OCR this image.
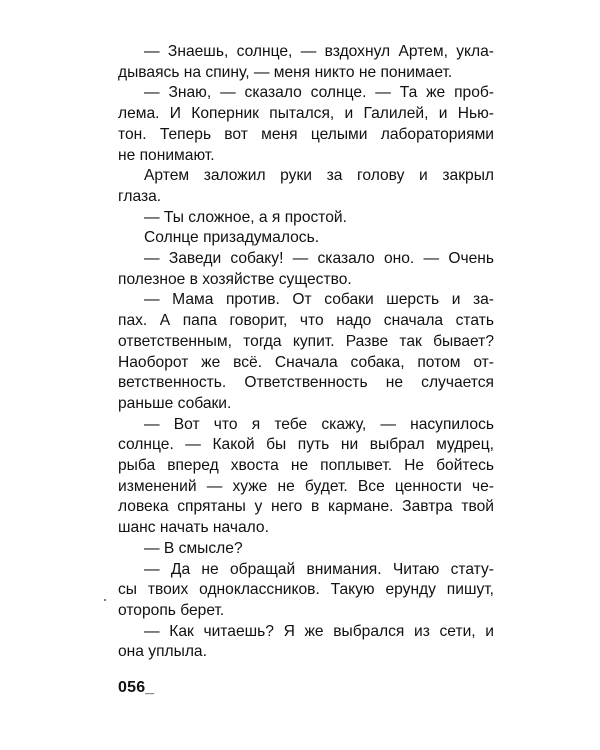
— Знаешь, солнце, — вздохнул Артем, укла-
дываясь на спину, — меня никто не понимает.
— Знаю, — сказало солнце. — Та же проб-
лема. И Коперник пытался, и Галилей, и Нью-
тон. Теперь вот меня целыми лабораториями
не понимают.
Артем заложил руки за голову и закрыл
глаза.
— Ты сложное, а я простой.
Солнце призадумалось.
— Заведи собаку! — сказало оно. — Очень
полезное в хозяйстве существо.
— Мама против. От собаки шерсть и за-
пах. А папа говорит, что надо сначала стать
ответственным, тогда купит. Разве так бывает?
Наоборот же всё. Сначала собака, потом от-
ветственность. Ответственность не случается
раньше собаки.
— Вот что я тебе скажу, — насупилось
солнце. — Какой бы путь ни выбрал мудрец,
рыба вперед хвоста не поплывет. Не бойтесь
изменений — хуже не будет. Все ценности че-
ловека спрятаны у него в кармане. Завтра твой
шанс начать начало.
— В смысле?
— Да не обращай внимания. Читаю стату-
сы твоих одноклассников. Такую ерунду пишут,
оторопь берет.
— Как читаешь? Я же выбрался из сети, и
она уплыла.
056_
